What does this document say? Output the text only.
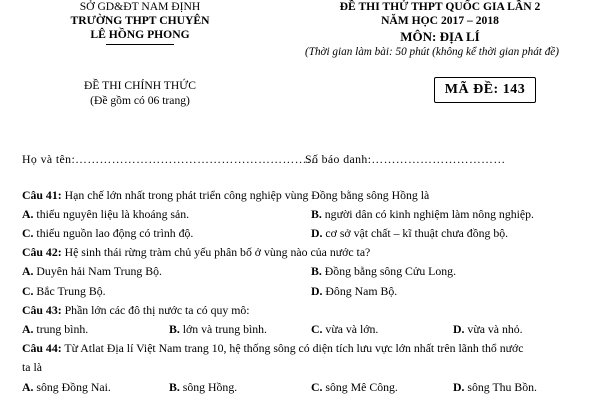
SỞ GD&ĐT NAM ĐỊNH
TRƯỜNG THPT CHUYÊN
LÊ HỒNG PHONG
ĐỀ THI CHÍNH THỨC
(Đề gồm có 06 trang)
ĐỀ THI THỬ THPT QUỐC GIA LẦN 2
NĂM HỌC 2017 – 2018
MÔN: ĐỊA LÍ
(Thời gian làm bài: 50 phút (không kể thời gian phát đề)
MÃ ĐỀ: 143
Họ và tên:……………………………………………………
Số báo danh:……………………………
Câu 41: Hạn chế lớn nhất trong phát triển công nghiệp vùng Đồng bằng sông Hồng là
A. thiếu nguyên liệu là khoáng sản.	B. người dân có kinh nghiệm làm nông nghiệp.
C. thiếu nguồn lao động có trình độ.	D. cơ sở vật chất – kĩ thuật chưa đồng bộ.
Câu 42: Hệ sinh thái rừng tràm chủ yếu phân bố ở vùng nào của nước ta?
A. Duyên hải Nam Trung Bộ.	B. Đồng bằng sông Cửu Long.
C. Bắc Trung Bộ.	D. Đông Nam Bộ.
Câu 43: Phần lớn các đô thị nước ta có quy mô:
A. trung bình.	B. lớn và trung bình.	C. vừa và lớn.	D. vừa và nhỏ.
Câu 44: Từ Atlat Địa lí Việt Nam trang 10, hệ thống sông có diện tích lưu vực lớn nhất trên lãnh thổ nước
ta là
A. sông Đồng Nai.	B. sông Hồng.	C. sông Mê Công.	D. sông Thu Bồn.
